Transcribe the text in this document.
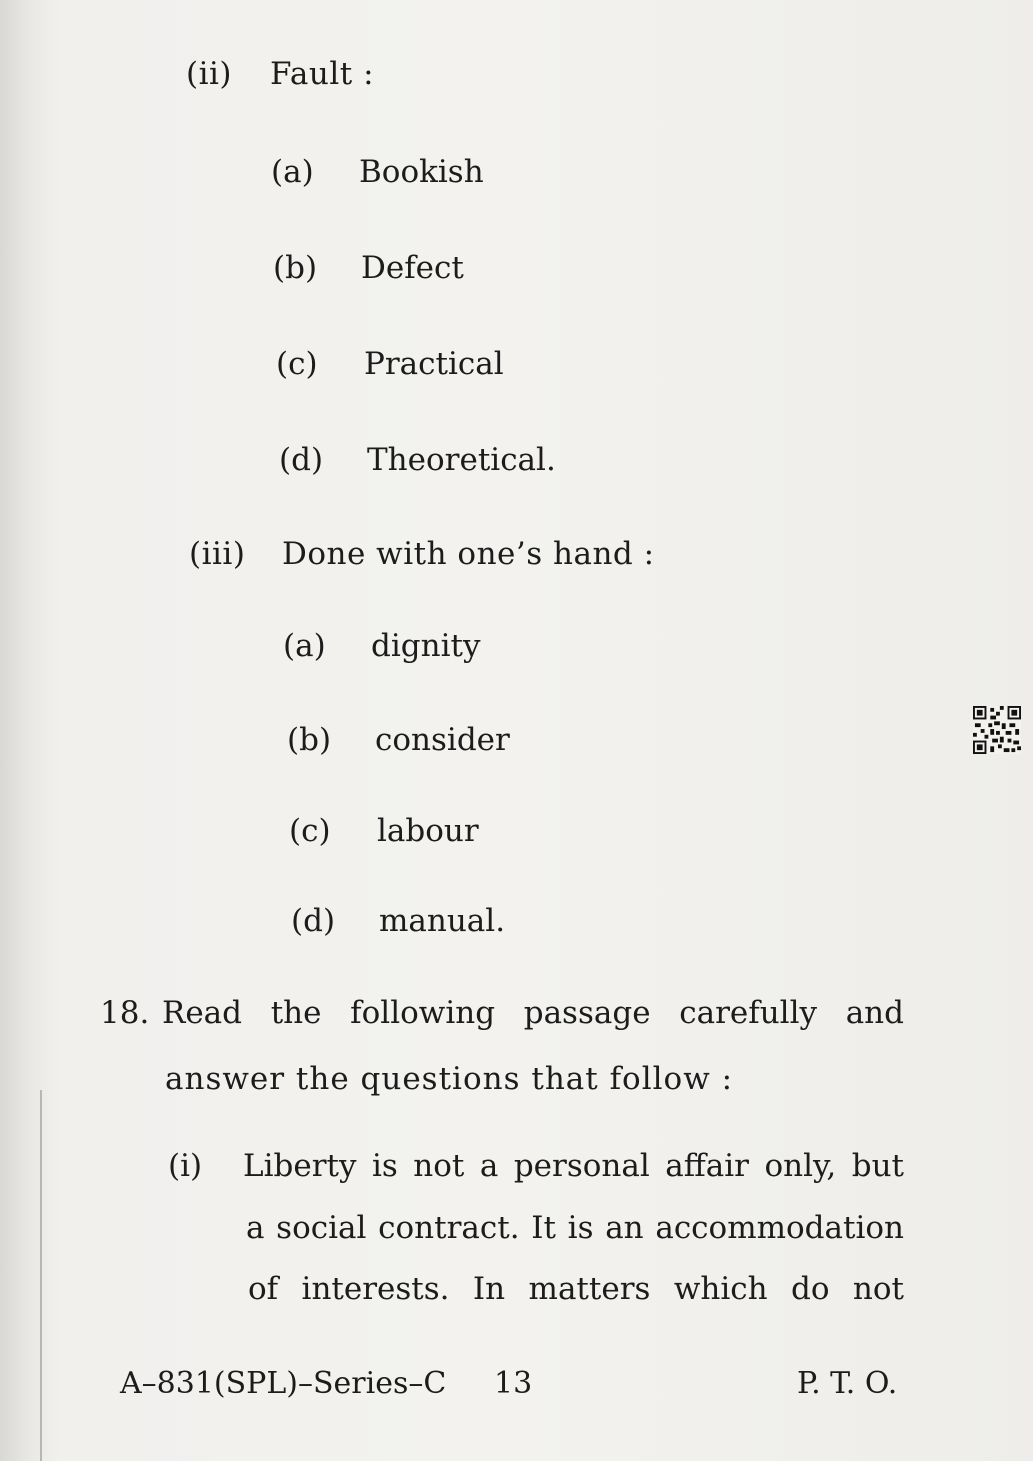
(ii) Fault :
(a) Bookish
(b) Defect
(c) Practical
(d) Theoretical.
(iii) Done with one’s hand :
(a) dignity
(b) consider
(c) labour
(d) manual.
18. Read the following passage carefully and
answer the questions that follow :
(i) Liberty is not a personal affair only, but
a social contract. It is an accommodation
of interests. In matters which do not
A–831(SPL)–Series–C 13	P. T. O.
